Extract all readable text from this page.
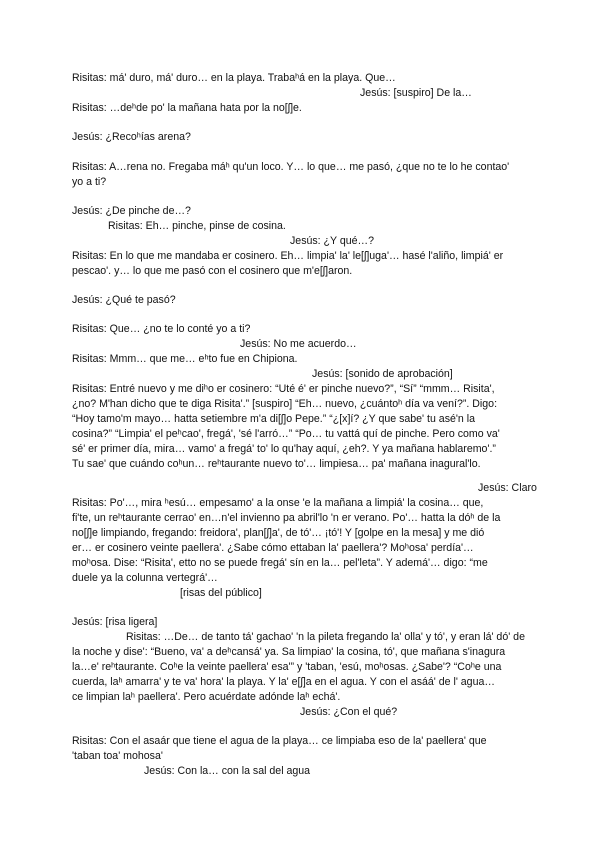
Risitas: má' duro, má' duro… en la playa. Trabaʰá en la playa. Que…
Jesús: [suspiro] De la…
Risitas: …deʰde po' la mañana hata por la no[ʃ]e.
Jesús: ¿Recoʰías arena?
Risitas: A…rena no. Fregaba máʰ qu'un loco. Y… lo que… me pasó, ¿que no te lo he contao'
yo a ti?
Jesús: ¿De pinche de…?
Risitas: Eh… pinche, pinse de cosina.
Jesús: ¿Y qué…?
Risitas: En lo que me mandaba er cosinero. Eh… limpia' la' le[ʃ]uga'… hasé l'aliño, limpiá' er
pescao'. y… lo que me pasó con el cosinero que m'e[ʃ]aron.
Jesús: ¿Qué te pasó?
Risitas: Que… ¿no te lo conté yo a ti?
Jesús: No me acuerdo…
Risitas: Mmm… que me… eʰto fue en Chipiona.
Jesús: [sonido de aprobación]
Risitas: Entré nuevo y me diʰo er cosinero: “Uté é' er pinche nuevo?”, “Sí” “mmm… Risita',
¿no? M'han dicho que te diga Risita'.” [suspiro] “Eh… nuevo, ¿cuántoʰ día va vení?”. Digo:
“Hoy tamo'm mayo… hatta setiembre m'a di[ʃ]o Pepe.” “¿[x]í? ¿Y que sabe' tu asé'n la
cosina?” “Limpia' el peʰcao', fregá', 'sé l'arró…” “Po… tu vattá quí de pinche. Pero como va'
sé' er primer día, mira… vamo' a fregá' to' lo qu'hay aquí, ¿eh?. Y ya mañana hablaremo'.”
Tu sae' que cuándo coʰun… reʰtaurante nuevo to'… limpiesa… pa' mañana inagural'lo.
Jesús: Claro
Risitas: Po'…, mira ʰesú… empesamo' a la onse 'e la mañana a limpiá' la cosina… que,
fi'te, un reʰtaurante cerrao' en…n'el invienno pa abril'lo 'n er verano. Po'… hatta la dóʰ de la
no[ʃ]e limpiando, fregando: freidora', plan[ʃ]a', de tó'… ¡tó'! Y [golpe en la mesa] y me dió
er… er cosinero veinte paellera'. ¿Sabe cómo ettaban la' paellera'? Moʰosa' perdía'…
moʰosa. Dise: “Risita', etto no se puede fregá' sín en la… pel'leta”. Y ademá'… digo: “me
duele ya la colunna vertegrá'…
[risas del público]
Jesús: [risa ligera]
Risitas: …De… de tanto tá' gachao' 'n la pileta fregando la' olla' y tó', y eran lá' dó' de
la noche y dise': “Bueno, va' a deʰcansá' ya. Sa limpiao' la cosina, tó', que mañana s'inagura
la…e' reʰtaurante. Coʰe la veinte paellera' esa'” y 'taban, 'esú, moʰosas. ¿Sabe'? “Coʰe una
cuerda, laʰ amarra' y te va' hora' la playa. Y la' e[ʃ]a en el agua. Y con el asáá' de l' agua…
ce limpian laʰ paellera'. Pero acuérdate adónde laʰ echá'.
Jesús: ¿Con el qué?
Risitas: Con el asaár que tiene el agua de la playa… ce limpiaba eso de la' paellera' que
'taban toa' mohosa'
Jesús: Con la… con la sal del agua
